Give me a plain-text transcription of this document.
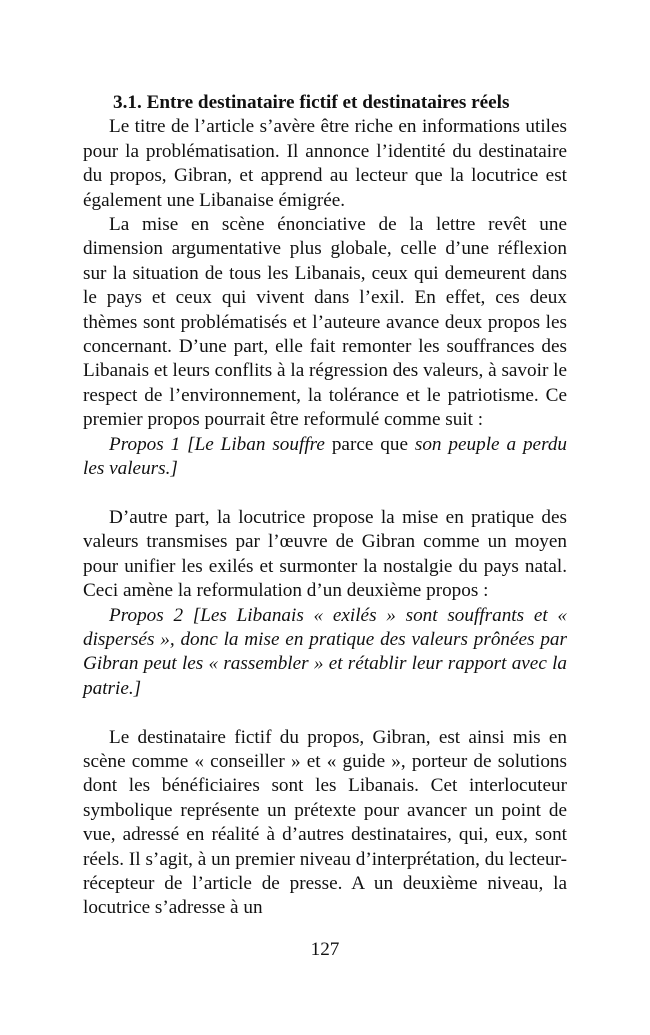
3.1. Entre destinataire fictif et destinataires réels

Le titre de l’article s’avère être riche en informations utiles pour la problématisation. Il annonce l’identité du destinataire du propos, Gibran, et apprend au lecteur que la locutrice est également une Libanaise émigrée.

La mise en scène énonciative de la lettre revêt une dimension argumentative plus globale, celle d’une réflexion sur la situation de tous les Libanais, ceux qui demeurent dans le pays et ceux qui vivent dans l’exil. En effet, ces deux thèmes sont problématisés et l’auteure avance deux propos les concernant. D’une part, elle fait remonter les souffrances des Libanais et leurs conflits à la régression des valeurs, à savoir le respect de l’environnement, la tolérance et le patriotisme. Ce premier propos pourrait être reformulé comme suit :

Propos 1 [Le Liban souffre parce que son peuple a perdu les valeurs.]

D’autre part, la locutrice propose la mise en pratique des valeurs transmises par l’œuvre de Gibran comme un moyen pour unifier les exilés et surmonter la nostalgie du pays natal. Ceci amène la reformulation d’un deuxième propos :

Propos 2 [Les Libanais « exilés » sont souffrants et « dispersés », donc la mise en pratique des valeurs prônées par Gibran peut les « rassembler » et rétablir leur rapport avec la patrie.]

Le destinataire fictif du propos, Gibran, est ainsi mis en scène comme « conseiller » et « guide », porteur de solutions dont les bénéficiaires sont les Libanais. Cet interlocuteur symbolique représente un prétexte pour avancer un point de vue, adressé en réalité à d’autres destinataires, qui, eux, sont réels. Il s’agit, à un premier niveau d’interprétation, du lecteur-récepteur de l’article de presse. A un deuxième niveau, la locutrice s’adresse à un

127
